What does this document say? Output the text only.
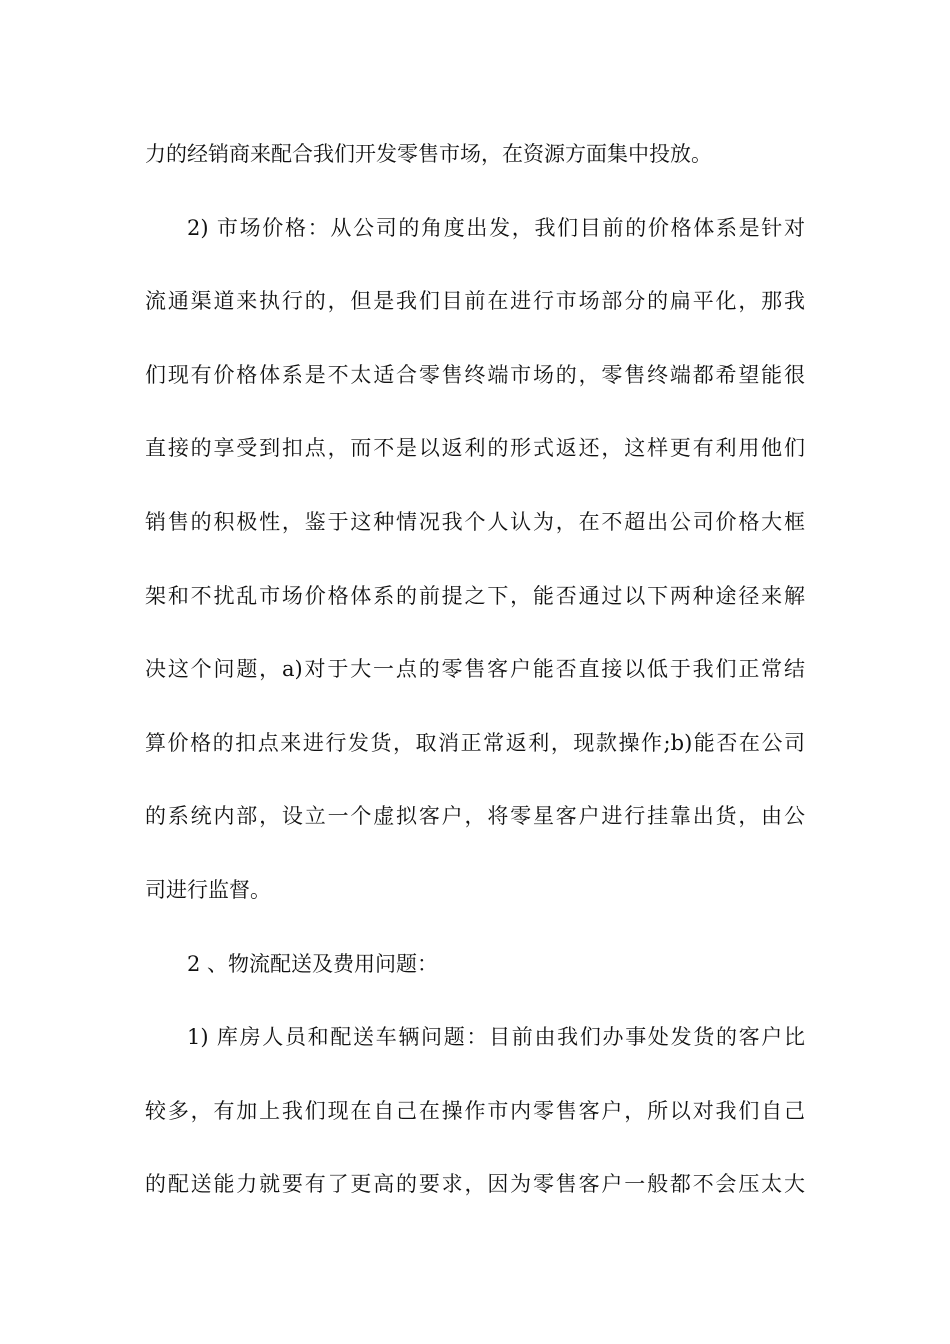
力的经销商来配合我们开发零售市场，在资源方面集中投放。
2) 市场价格：从公司的角度出发，我们目前的价格体系是针对
流通渠道来执行的，但是我们目前在进行市场部分的扁平化，那我
们现有价格体系是不太适合零售终端市场的，零售终端都希望能很
直接的享受到扣点，而不是以返利的形式返还，这样更有利用他们
销售的积极性，鉴于这种情况我个人认为，在不超出公司价格大框
架和不扰乱市场价格体系的前提之下，能否通过以下两种途径来解
决这个问题，a)对于大一点的零售客户能否直接以低于我们正常结
算价格的扣点来进行发货，取消正常返利，现款操作;b)能否在公司
的系统内部，设立一个虚拟客户，将零星客户进行挂靠出货，由公
司进行监督。
2 、物流配送及费用问题：
1) 库房人员和配送车辆问题：目前由我们办事处发货的客户比
较多，有加上我们现在自己在操作市内零售客户，所以对我们自己
的配送能力就要有了更高的要求，因为零售客户一般都不会压太大
